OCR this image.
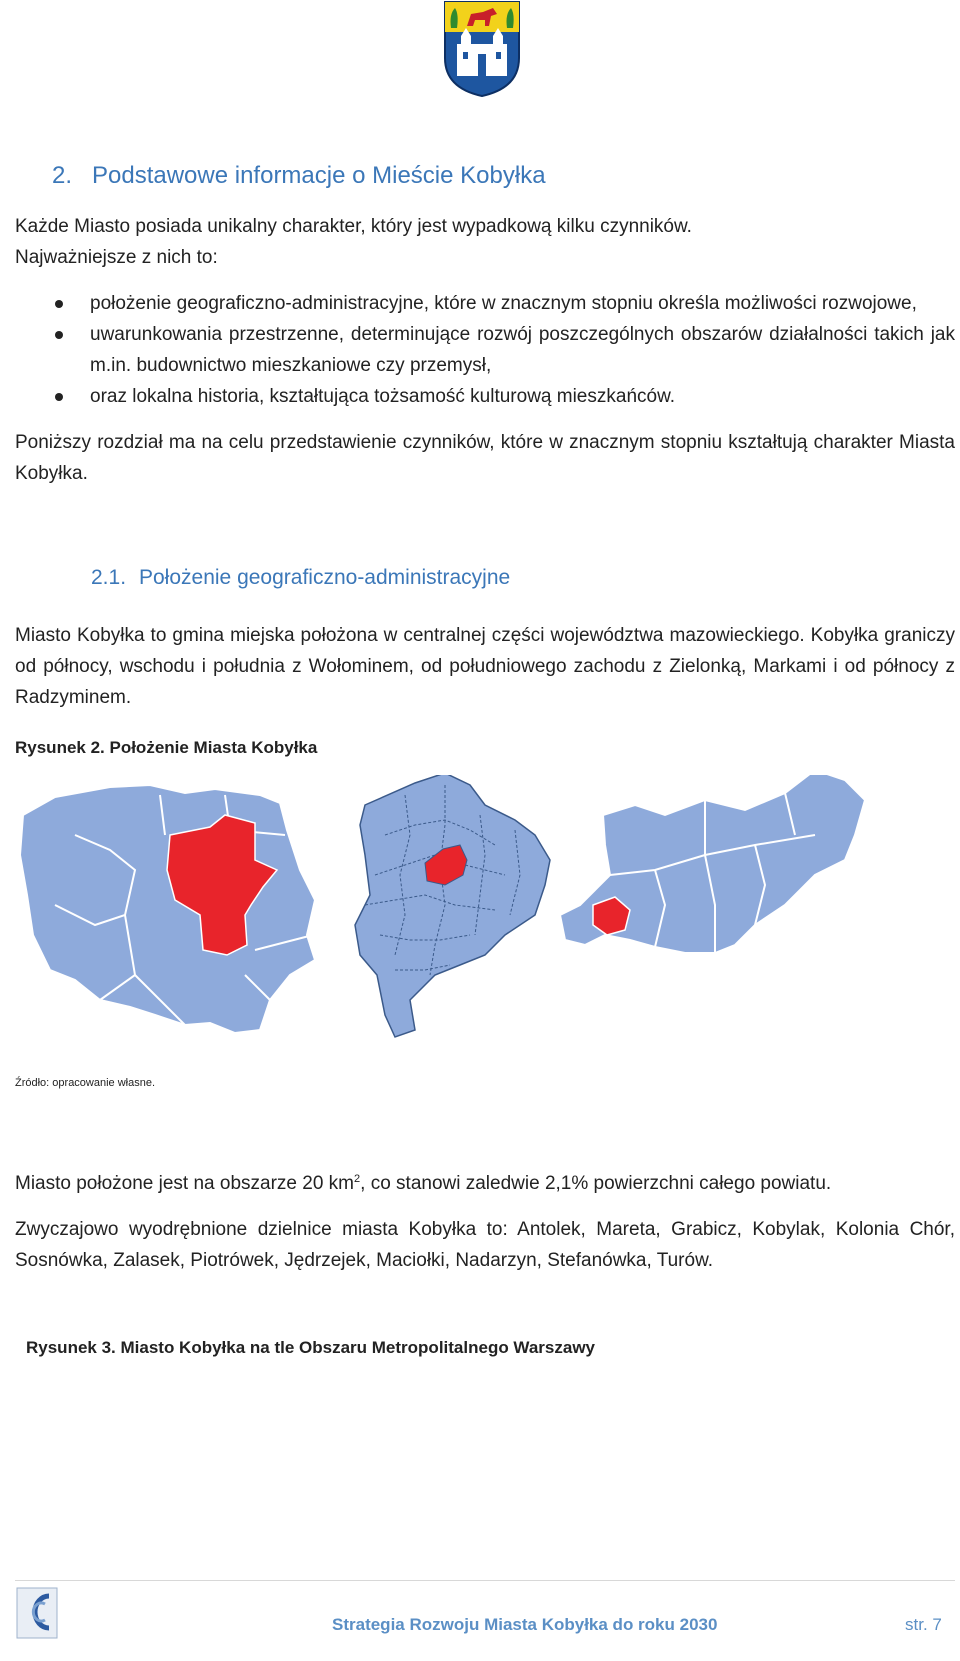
2. Podstawowe informacje o Mieście Kobyłka

Każde Miasto posiada unikalny charakter, który jest wypadkową kilku czynników.

Najważniejsze z nich to:

położenie geograficzno-administracyjne, które w znacznym stopniu określa możliwości rozwojowe,
uwarunkowania przestrzenne, determinujące rozwój poszczególnych obszarów działalności takich jak m.in. budownictwo mieszkaniowe czy przemysł,
oraz lokalna historia, kształtująca tożsamość kulturową mieszkańców.

Poniższy rozdział ma na celu przedstawienie czynników, które w znacznym stopniu kształtują charakter Miasta Kobyłka.

2.1. Położenie geograficzno-administracyjne

Miasto Kobyłka to gmina miejska położona w centralnej części województwa mazowieckiego. Kobyłka graniczy od północy, wschodu i południa z Wołominem, od południowego zachodu z Zielonką, Markami i od północy z Radzyminem.

Rysunek 2. Położenie Miasta Kobyłka

Źródło: opracowanie własne.

Miasto położone jest na obszarze 20 $km^2$, co stanowi zaledwie 2,1% powierzchni całego powiatu.

Zwyczajowo wyodrębnione dzielnice miasta Kobyłka to: Antolek, Mareta, Grabicz, Kobylak, Kolonia Chór, Sosnówka, Zalasek, Piotrówek, Jędrzejek, Maciołki, Nadarzyn, Stefanówka, Turów.

Rysunek 3. Miasto Kobyłka na tle Obszaru Metropolitalnego Warszawy

Strategia Rozwoju Miasta Kobyłka do roku 2030	str. 7
